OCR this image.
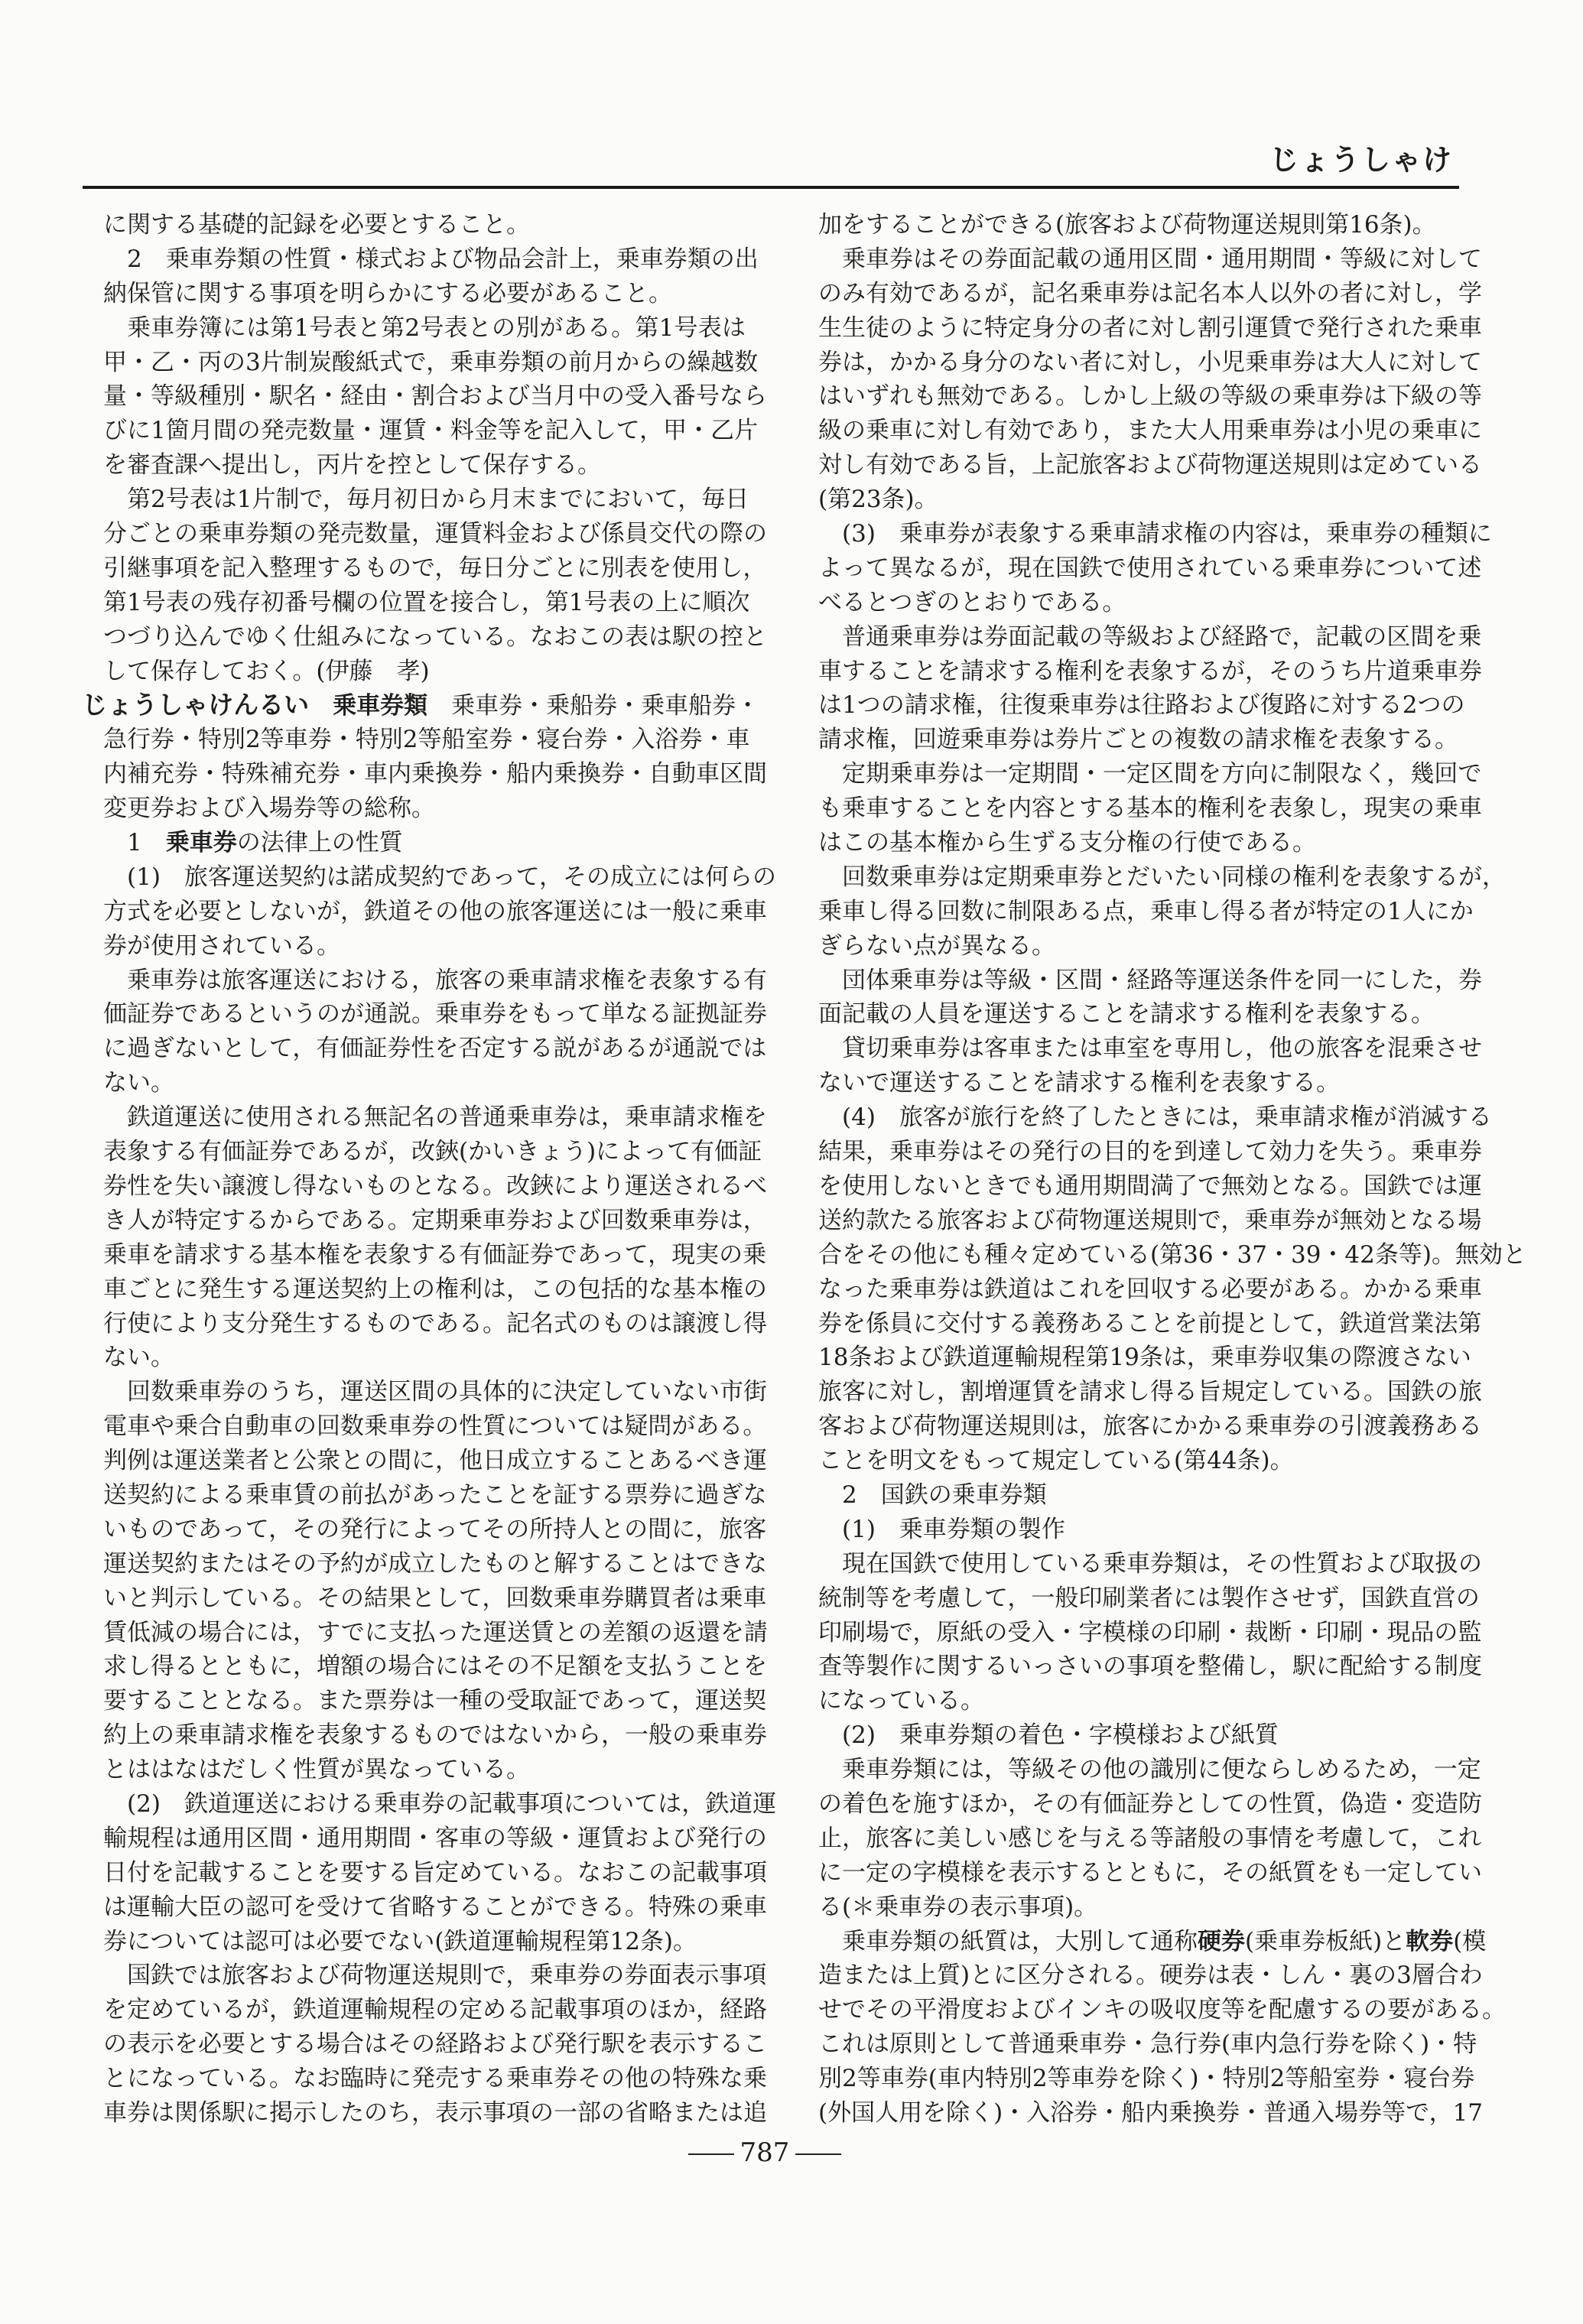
じょうしゃけ
に関する基礎的記録を必要とすること。
2　乗車券類の性質・様式および物品会計上，乗車券類の出
納保管に関する事項を明らかにする必要があること。
乗車券簿には第1号表と第2号表との別がある。第1号表は
甲・乙・丙の3片制炭酸紙式で，乗車券類の前月からの繰越数
量・等級種別・駅名・経由・割合および当月中の受入番号なら
びに1箇月間の発売数量・運賃・料金等を記入して，甲・乙片
を審査課へ提出し，丙片を控として保存する。
第2号表は1片制で，毎月初日から月末までにおいて，毎日
分ごとの乗車券類の発売数量，運賃料金および係員交代の際の
引継事項を記入整理するもので，毎日分ごとに別表を使用し，
第1号表の残存初番号欄の位置を接合し，第1号表の上に順次
つづり込んでゆく仕組みになっている。なおこの表は駅の控と
して保存しておく。(伊藤　孝)
じょうしゃけんるい　 乗車券類　乗車券・乗船券・乗車船券・
急行券・特別2等車券・特別2等船室券・寝台券・入浴券・車
内補充券・特殊補充券・車内乗換券・船内乗換券・自動車区間
変更券および入場券等の総称。
1　乗車券の法律上の性質
(1)　旅客運送契約は諾成契約であって，その成立には何らの
方式を必要としないが，鉄道その他の旅客運送には一般に乗車
券が使用されている。
乗車券は旅客運送における，旅客の乗車請求権を表象する有
価証券であるというのが通説。乗車券をもって単なる証拠証券
に過ぎないとして，有価証券性を否定する説があるが通説では
ない。
鉄道運送に使用される無記名の普通乗車券は，乗車請求権を
表象する有価証券であるが，改鋏(かいきょう)によって有価証
券性を失い譲渡し得ないものとなる。改鋏により運送されるべ
き人が特定するからである。定期乗車券および回数乗車券は，
乗車を請求する基本権を表象する有価証券であって，現実の乗
車ごとに発生する運送契約上の権利は，この包括的な基本権の
行使により支分発生するものである。記名式のものは譲渡し得
ない。
回数乗車券のうち，運送区間の具体的に決定していない市街
電車や乗合自動車の回数乗車券の性質については疑問がある。
判例は運送業者と公衆との間に，他日成立することあるべき運
送契約による乗車賃の前払があったことを証する票券に過ぎな
いものであって，その発行によってその所持人との間に，旅客
運送契約またはその予約が成立したものと解することはできな
いと判示している。その結果として，回数乗車券購買者は乗車
賃低減の場合には，すでに支払った運送賃との差額の返還を請
求し得るとともに，増額の場合にはその不足額を支払うことを
要することとなる。また票券は一種の受取証であって，運送契
約上の乗車請求権を表象するものではないから，一般の乗車券
とははなはだしく性質が異なっている。
(2)　鉄道運送における乗車券の記載事項については，鉄道運
輸規程は通用区間・通用期間・客車の等級・運賃および発行の
日付を記載することを要する旨定めている。なおこの記載事項
は運輸大臣の認可を受けて省略することができる。特殊の乗車
券については認可は必要でない(鉄道運輸規程第12条)。
国鉄では旅客および荷物運送規則で，乗車券の券面表示事項
を定めているが，鉄道運輸規程の定める記載事項のほか，経路
の表示を必要とする場合はその経路および発行駅を表示するこ
とになっている。なお臨時に発売する乗車券その他の特殊な乗
車券は関係駅に掲示したのち，表示事項の一部の省略または追
加をすることができる(旅客および荷物運送規則第16条)。
乗車券はその券面記載の通用区間・通用期間・等級に対して
のみ有効であるが，記名乗車券は記名本人以外の者に対し，学
生生徒のように特定身分の者に対し割引運賃で発行された乗車
券は，かかる身分のない者に対し，小児乗車券は大人に対して
はいずれも無効である。しかし上級の等級の乗車券は下級の等
級の乗車に対し有効であり，また大人用乗車券は小児の乗車に
対し有効である旨，上記旅客および荷物運送規則は定めている
(第23条)。
(3)　乗車券が表象する乗車請求権の内容は，乗車券の種類に
よって異なるが，現在国鉄で使用されている乗車券について述
べるとつぎのとおりである。
普通乗車券は券面記載の等級および経路で，記載の区間を乗
車することを請求する権利を表象するが，そのうち片道乗車券
は1つの請求権，往復乗車券は往路および復路に対する2つの
請求権，回遊乗車券は券片ごとの複数の請求権を表象する。
定期乗車券は一定期間・一定区間を方向に制限なく，幾回で
も乗車することを内容とする基本的権利を表象し，現実の乗車
はこの基本権から生ずる支分権の行使である。
回数乗車券は定期乗車券とだいたい同様の権利を表象するが，
乗車し得る回数に制限ある点，乗車し得る者が特定の1人にか
ぎらない点が異なる。
団体乗車券は等級・区間・経路等運送条件を同一にした，券
面記載の人員を運送することを請求する権利を表象する。
貸切乗車券は客車または車室を専用し，他の旅客を混乗させ
ないで運送することを請求する権利を表象する。
(4)　旅客が旅行を終了したときには，乗車請求権が消滅する
結果，乗車券はその発行の目的を到達して効力を失う。乗車券
を使用しないときでも通用期間満了で無効となる。国鉄では運
送約款たる旅客および荷物運送規則で，乗車券が無効となる場
合をその他にも種々定めている(第36・37・39・42条等)。無効と
なった乗車券は鉄道はこれを回収する必要がある。かかる乗車
券を係員に交付する義務あることを前提として，鉄道営業法第
18条および鉄道運輸規程第19条は，乗車券収集の際渡さない
旅客に対し，割増運賃を請求し得る旨規定している。国鉄の旅
客および荷物運送規則は，旅客にかかる乗車券の引渡義務ある
ことを明文をもって規定している(第44条)。
2　国鉄の乗車券類
(1)　乗車券類の製作
現在国鉄で使用している乗車券類は，その性質および取扱の
統制等を考慮して，一般印刷業者には製作させず，国鉄直営の
印刷場で，原紙の受入・字模様の印刷・裁断・印刷・現品の監
査等製作に関するいっさいの事項を整備し，駅に配給する制度
になっている。
(2)　乗車券類の着色・字模様および紙質
乗車券類には，等級その他の識別に便ならしめるため，一定
の着色を施すほか，その有価証券としての性質，偽造・変造防
止，旅客に美しい感じを与える等諸般の事情を考慮して，これ
に一定の字模様を表示するとともに，その紙質をも一定してい
る(＊乗車券の表示事項)。
乗車券類の紙質は，大別して通称硬券(乗車券板紙)と軟券(模
造または上質)とに区分される。硬券は表・しん・裏の3層合わ
せでその平滑度およびインキの吸収度等を配慮するの要がある。
これは原則として普通乗車券・急行券(車内急行券を除く)・特
別2等車券(車内特別2等車券を除く)・特別2等船室券・寝台券
(外国人用を除く)・入浴券・船内乗換券・普通入場券等で，17
787
